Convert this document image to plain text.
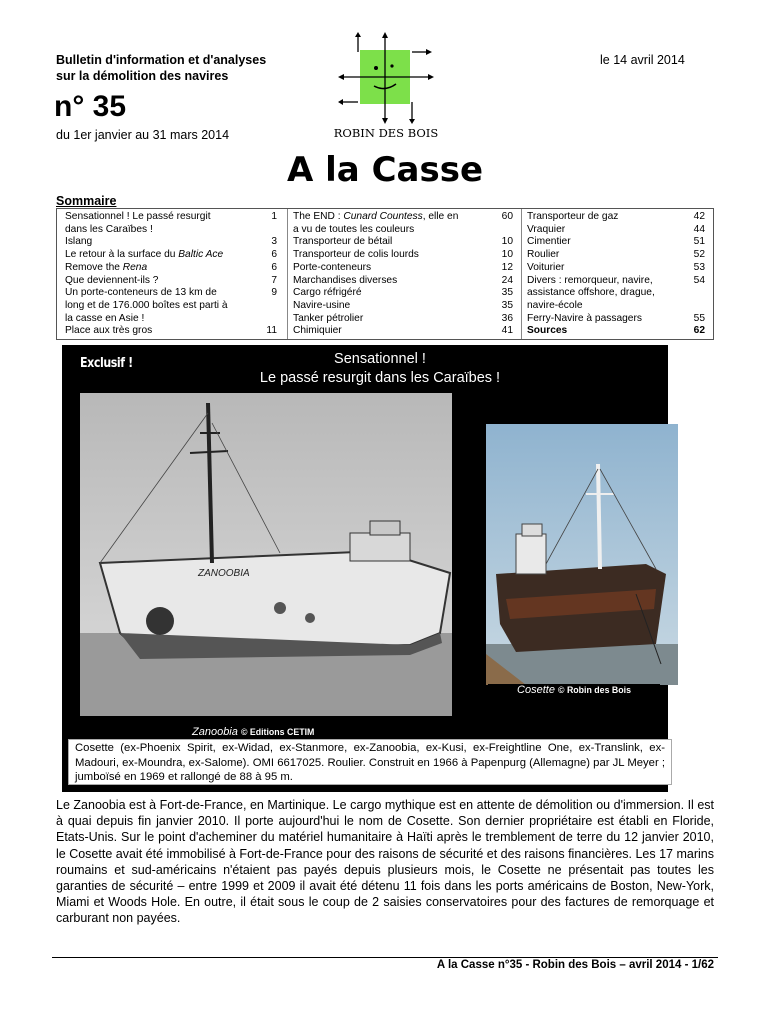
Bulletin d'information et d'analyses
sur la démolition des navires
le 14 avril 2014
n° 35
du 1er janvier au 31 mars 2014	ROBIN DES BOIS
A la Casse
Sommaire
Sensationnel ! Le passé resurgit	1
dans les Caraïbes !
Islang	3
Le retour à la surface du Baltic Ace	6
Remove the Rena	6
Que deviennent-ils ?	7
Un porte-conteneurs de 13 km de	9
long et de 176.000 boîtes est parti à
la casse en Asie !
Place aux très gros	11
The END : Cunard Countess, elle en	60
a vu de toutes les couleurs
Transporteur de bétail	10
Transporteur de colis lourds	10
Porte-conteneurs	12
Marchandises diverses	24
Cargo réfrigéré	35
Navire-usine	35
Tanker pétrolier	36
Chimiquier	41
Transporteur de gaz	42
Vraquier	44
Cimentier	51
Roulier	52
Voiturier	53
Divers : remorqueur, navire,	54
assistance offshore, drague,
navire-école
Ferry-Navire à passagers	55
Sources	62
Exclusif !	Sensationnel !
Le passé resurgit dans les Caraïbes !
ZANOOBIA
Cosette © Robin des Bois
Zanoobia © Editions CETIM
Cosette (ex-Phoenix Spirit, ex-Widad, ex-Stanmore, ex-Zanoobia, ex-Kusi, ex-Freightline One, ex-Translink, ex-Madouri, ex-Moundra, ex-Salome). OMI 6617025. Roulier. Construit en 1966 à Papenpurg (Allemagne) par JL Meyer ; jumboïsé en 1969 et rallongé de 88 à 95 m.
Le Zanoobia est à Fort-de-France, en Martinique. Le cargo mythique est en attente de démolition ou d'immersion. Il est à quai depuis fin janvier 2010. Il porte aujourd'hui le nom de Cosette. Son dernier propriétaire est établi en Floride, Etats-Unis. Sur le point d'acheminer du matériel humanitaire à Haïti après le tremblement de terre du 12 janvier 2010, le Cosette avait été immobilisé à Fort-de-France pour des raisons de sécurité et des raisons financières. Les 17 marins roumains et sud-américains n'étaient pas payés depuis plusieurs mois, le Cosette ne présentait pas toutes les garanties de sécurité – entre 1999 et 2009 il avait été détenu 11 fois dans les ports américains de Boston, New-York, Miami et Woods Hole. En outre, il était sous le coup de 2 saisies conservatoires pour des factures de remorquage et carburant non payées.
A la Casse n°35 - Robin des Bois – avril 2014 - 1/62
